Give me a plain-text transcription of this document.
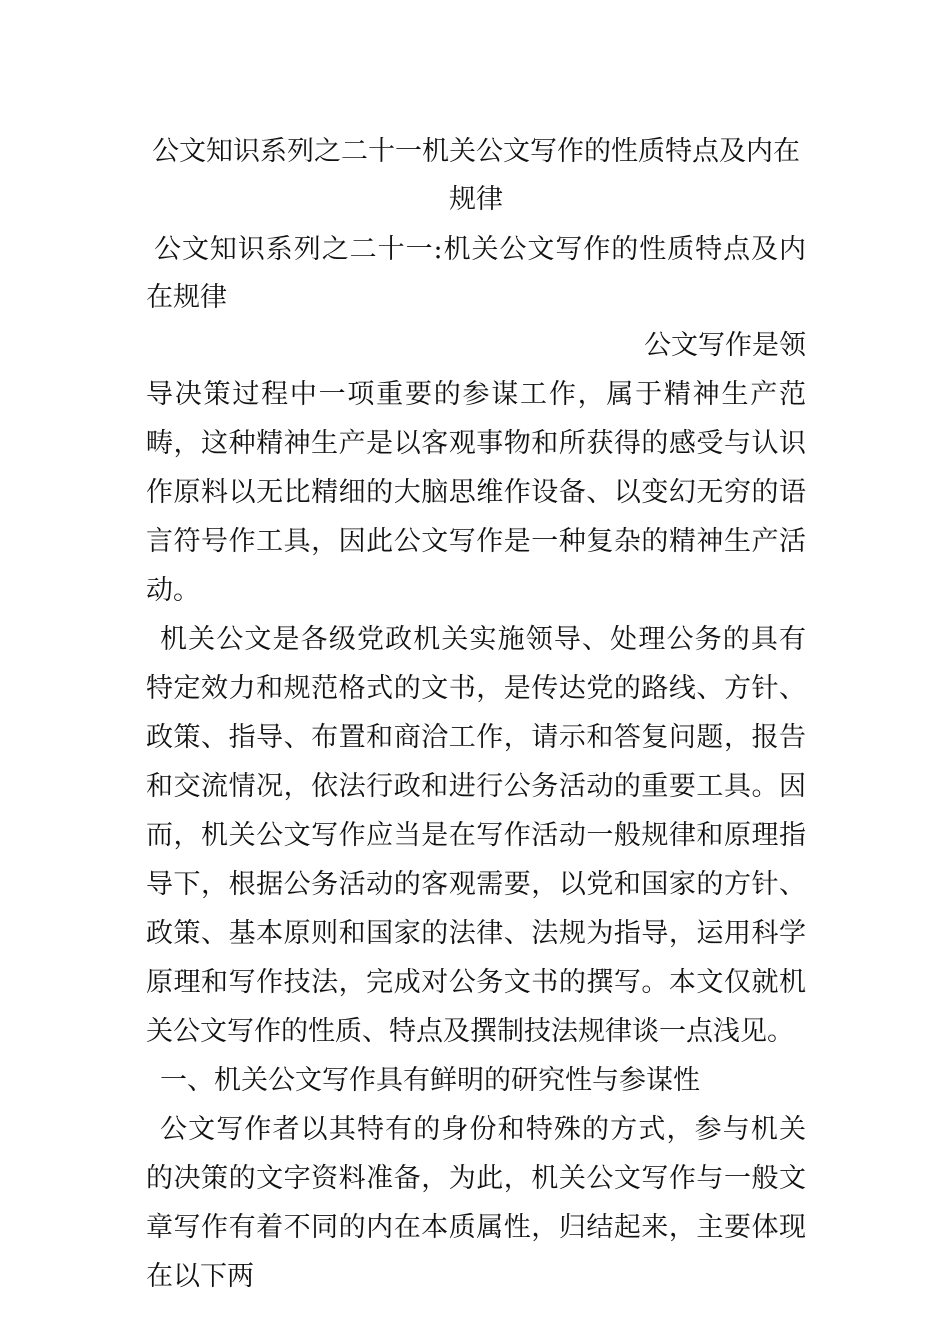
公文知识系列之二十一机关公文写作的性质特点及内在规律

公文知识系列之二十一:机关公文写作的性质特点及内在规律

公文写作是领

导决策过程中一项重要的参谋工作，属于精神生产范畴，这种精神生产是以客观事物和所获得的感受与认识作原料以无比精细的大脑思维作设备、以变幻无穷的语言符号作工具，因此公文写作是一种复杂的精神生产活动。

机关公文是各级党政机关实施领导、处理公务的具有特定效力和规范格式的文书，是传达党的路线、方针、政策、指导、布置和商洽工作，请示和答复问题，报告和交流情况，依法行政和进行公务活动的重要工具。因而，机关公文写作应当是在写作活动一般规律和原理指导下，根据公务活动的客观需要，以党和国家的方针、政策、基本原则和国家的法律、法规为指导，运用科学原理和写作技法，完成对公务文书的撰写。本文仅就机关公文写作的性质、特点及撰制技法规律谈一点浅见。

一、机关公文写作具有鲜明的研究性与参谋性

公文写作者以其特有的身份和特殊的方式，参与机关的决策的文字资料准备，为此，机关公文写作与一般文章写作有着不同的内在本质属性，归结起来，主要体现在以下两
